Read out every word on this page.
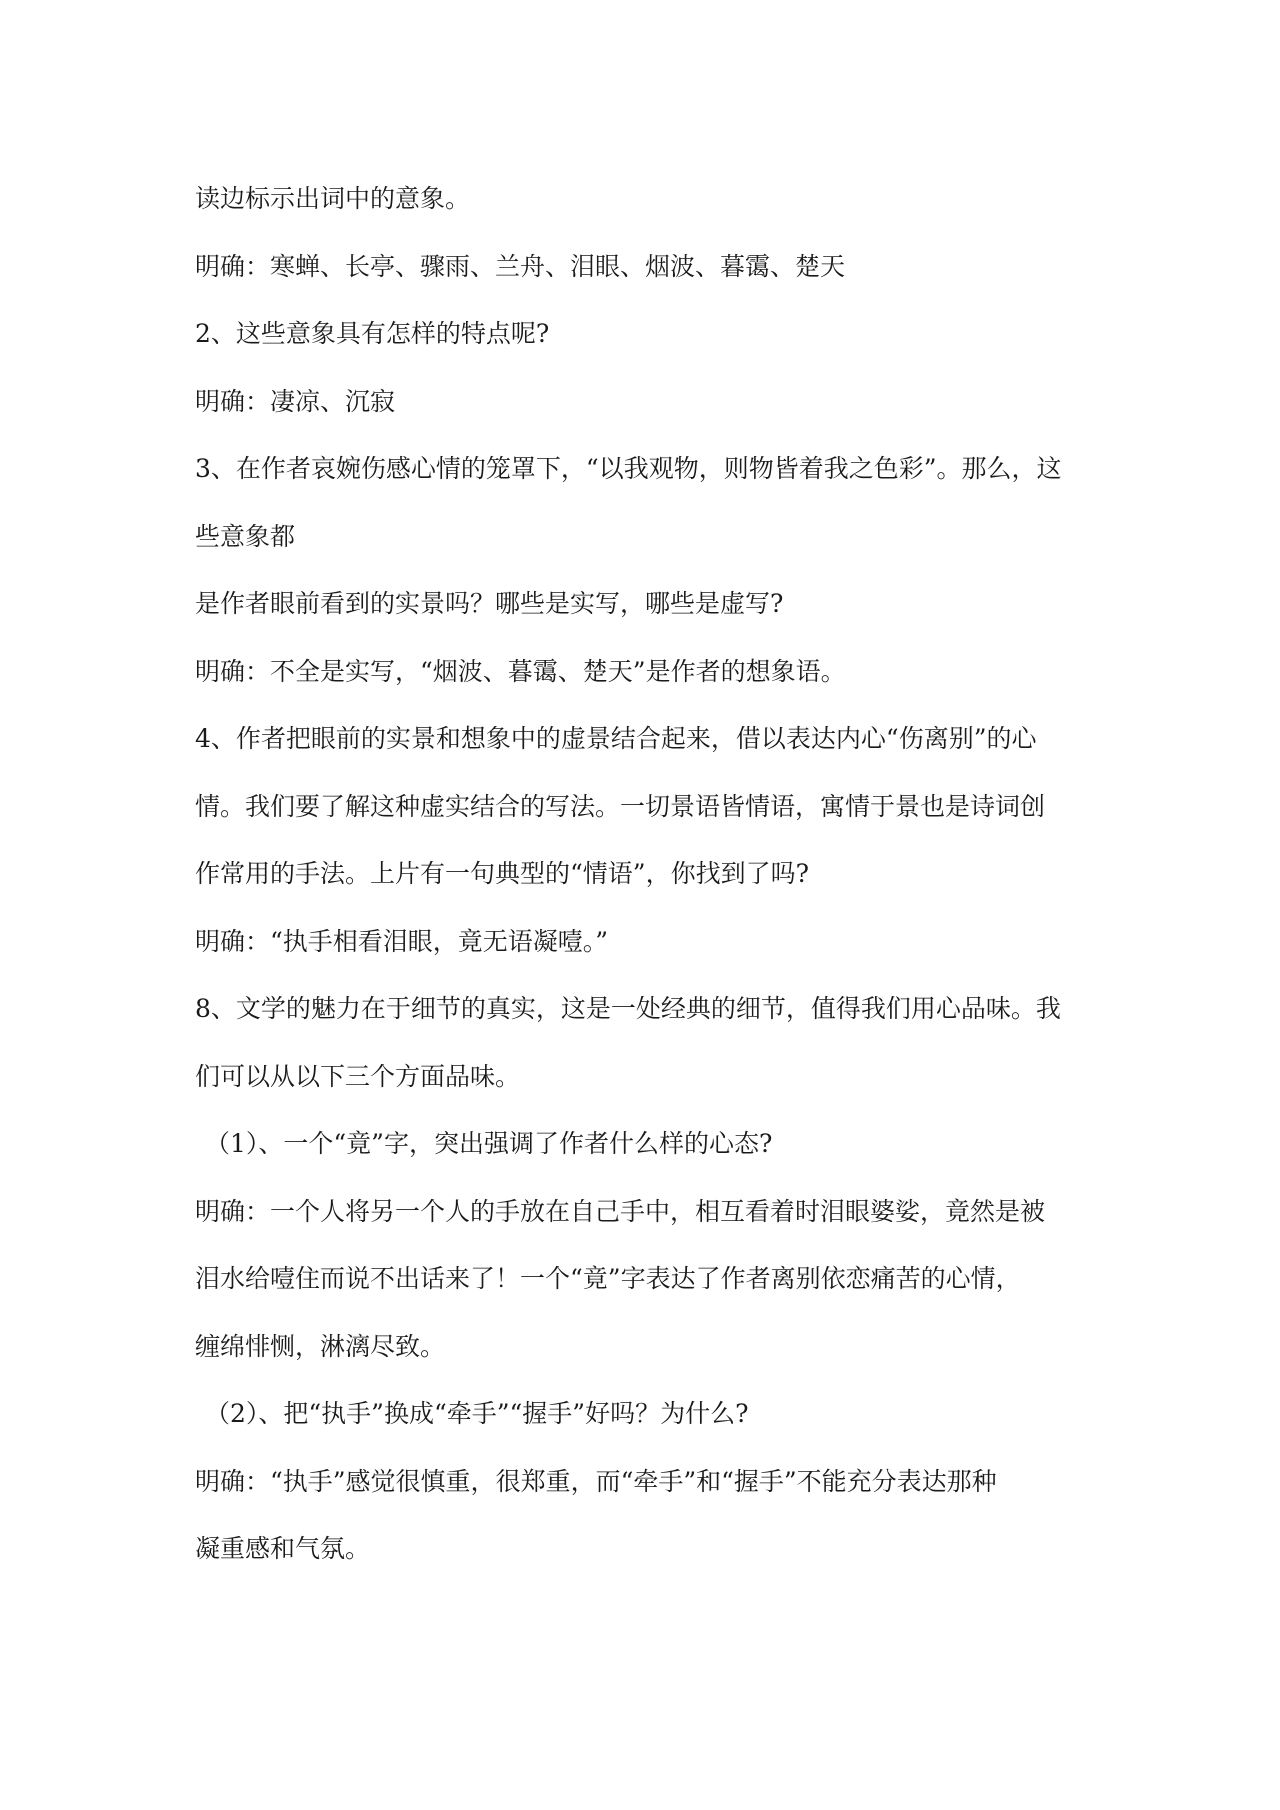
读边标示出词中的意象。

明确：寒蝉、长亭、骤雨、兰舟、泪眼、烟波、暮霭、楚天

2、这些意象具有怎样的特点呢?

明确：凄凉、沉寂

3、在作者哀婉伤感心情的笼罩下，“以我观物，则物皆着我之色彩”。那么，这

些意象都

是作者眼前看到的实景吗？哪些是实写，哪些是虚写?

明确：不全是实写，“烟波、暮霭、楚天”是作者的想象语。

4、作者把眼前的实景和想象中的虚景结合起来，借以表达内心“伤离别”的心

情。我们要了解这种虚实结合的写法。一切景语皆情语，寓情于景也是诗词创

作常用的手法。上片有一句典型的“情语”，你找到了吗?

明确：“执手相看泪眼，竟无语凝噎。”

8、文学的魅力在于细节的真实，这是一处经典的细节，值得我们用心品味。我

们可以从以下三个方面品味。

（1）、一个“竟”字，突出强调了作者什么样的心态?

明确：一个人将另一个人的手放在自己手中，相互看着时泪眼婆娑，竟然是被

泪水给噎住而说不出话来了！一个“竟”字表达了作者离别依恋痛苦的心情，

缠绵悱恻，淋漓尽致。

（2）、把“执手”换成“牵手”“握手”好吗？为什么?

明确：“执手”感觉很慎重，很郑重，而“牵手”和“握手”不能充分表达那种

凝重感和气氛。
